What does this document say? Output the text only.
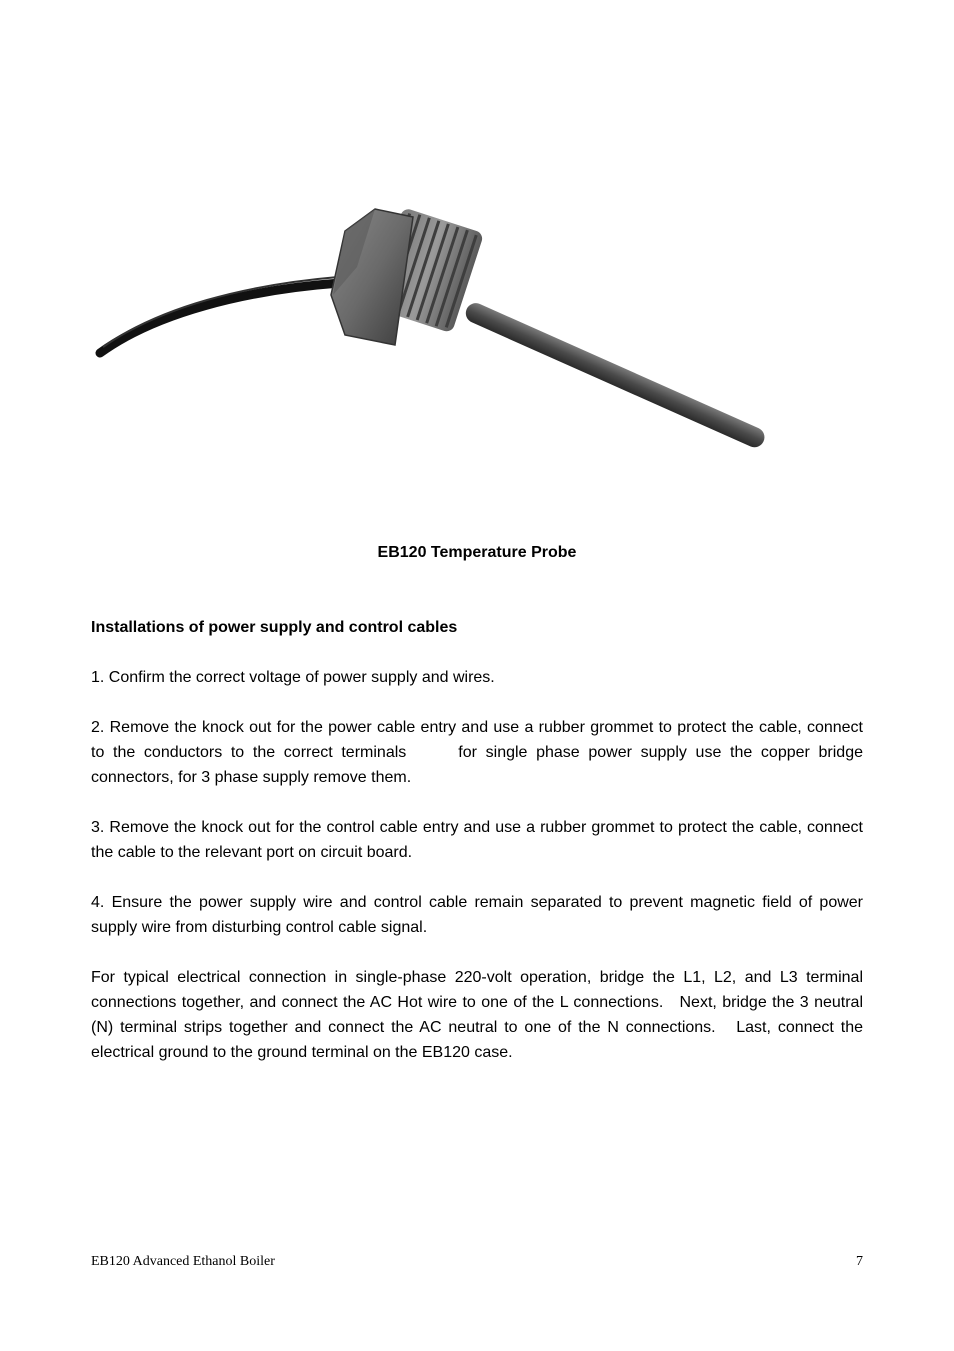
EB120 Temperature Probe
Installations of power supply and control cables

1. Confirm the correct voltage of power supply and wires.

2. Remove the knock out for the power cable entry and use a rubber grommet to protect the cable, connect to the conductors to the correct terminals      for single phase power supply use the copper bridge connectors, for 3 phase supply remove them.

3. Remove the knock out for the control cable entry and use a rubber grommet to protect the cable, connect the cable to the relevant port on circuit board.

4. Ensure the power supply wire and control cable remain separated to prevent magnetic field of power supply wire from disturbing control cable signal.

For typical electrical connection in single-phase 220-volt operation, bridge the L1, L2, and L3 terminal connections together, and connect the AC Hot wire to one of the L connections.   Next, bridge the 3 neutral (N) terminal strips together and connect the AC neutral to one of the N connections.   Last, connect the electrical ground to the ground terminal on the EB120 case.

EB120 Advanced Ethanol Boiler	7
